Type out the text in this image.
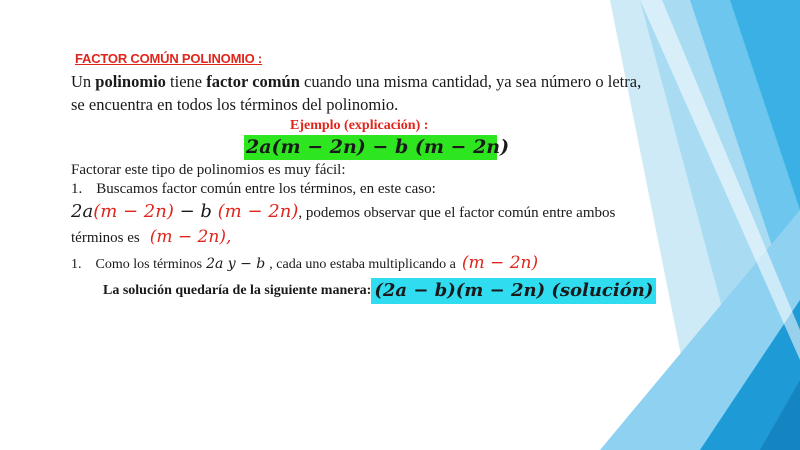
FACTOR COMÚN POLINOMIO :
Un polinomio tiene factor común cuando una misma cantidad, ya sea número o letra,
se encuentra en todos los términos del polinomio.
Ejemplo (explicación) :
2a(m − 2n) − b (m − 2n)
Factorar este tipo de polinomios es muy fácil:
1. Buscamos factor común entre los términos, en este caso:
2a(m − 2n) − b (m − 2n), podemos observar que el factor común entre ambos
términos es (m − 2n),
1. Como los términos 2a y − b , cada uno estaba multiplicando a (m − 2n)
La solución quedaría de la siguiente manera: (2a − b)(m − 2n) (solución)
